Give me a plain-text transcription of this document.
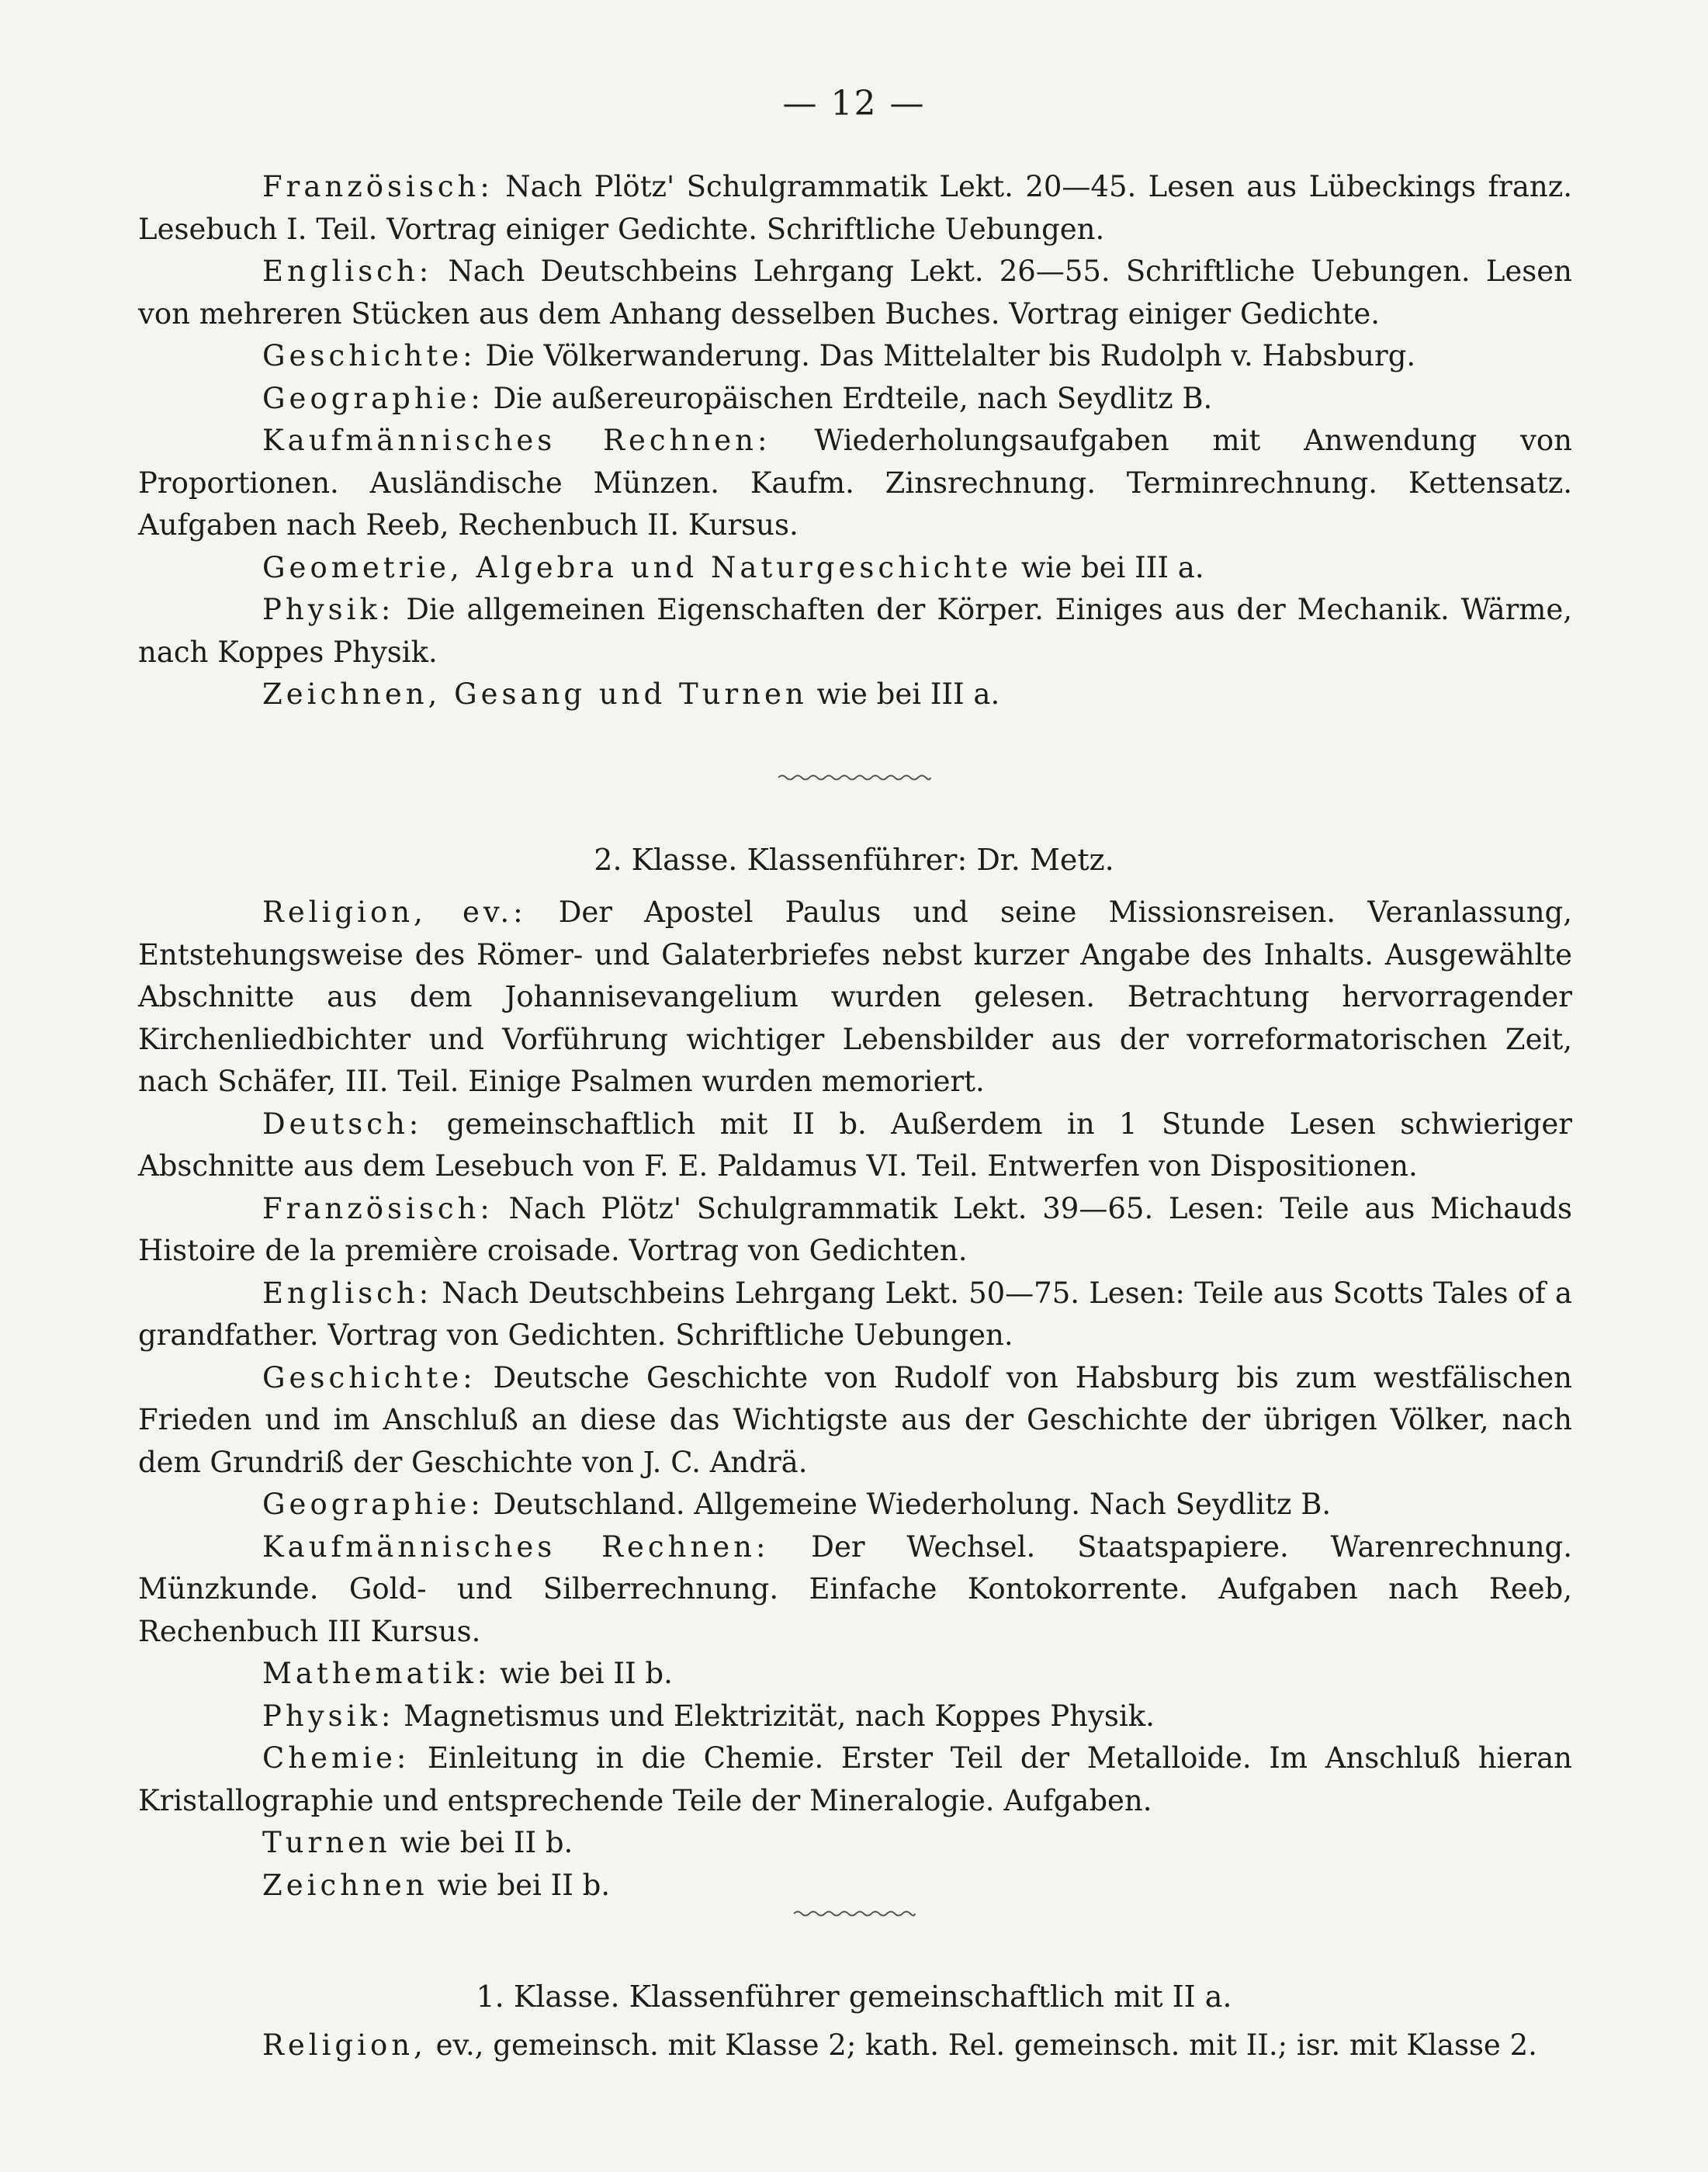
— 12 —

Französisch: Nach Plötz' Schulgrammatik Lekt. 20—45. Lesen aus Lübeckings franz. Lesebuch I. Teil. Vortrag einiger Gedichte. Schriftliche Uebungen.

Englisch: Nach Deutschbeins Lehrgang Lekt. 26—55. Schriftliche Uebungen. Lesen von mehreren Stücken aus dem Anhang desselben Buches. Vortrag einiger Gedichte.

Geschichte: Die Völkerwanderung. Das Mittelalter bis Rudolph v. Habsburg.

Geographie: Die außereuropäischen Erdteile, nach Seydlitz B.

Kaufmännisches Rechnen: Wiederholungsaufgaben mit Anwendung von Proportionen. Ausländische Münzen. Kaufm. Zinsrechnung. Terminrechnung. Kettensatz. Aufgaben nach Reeb, Rechenbuch II. Kursus.

Geometrie, Algebra und Naturgeschichte wie bei III a.

Physik: Die allgemeinen Eigenschaften der Körper. Einiges aus der Mechanik. Wärme, nach Koppes Physik.

Zeichnen, Gesang und Turnen wie bei III a.

2. Klasse. Klassenführer: Dr. Metz.

Religion, ev.: Der Apostel Paulus und seine Missionsreisen. Veranlassung, Entstehungsweise des Römer- und Galaterbriefes nebst kurzer Angabe des Inhalts. Ausgewählte Abschnitte aus dem Johannisevangelium wurden gelesen. Betrachtung hervorragender Kirchenliedbichter und Vorführung wichtiger Lebensbilder aus der vorreformatorischen Zeit, nach Schäfer, III. Teil. Einige Psalmen wurden memoriert.

Deutsch: gemeinschaftlich mit II b. Außerdem in 1 Stunde Lesen schwieriger Abschnitte aus dem Lesebuch von F. E. Paldamus VI. Teil. Entwerfen von Dispositionen.

Französisch: Nach Plötz' Schulgrammatik Lekt. 39—65. Lesen: Teile aus Michauds Histoire de la première croisade. Vortrag von Gedichten.

Englisch: Nach Deutschbeins Lehrgang Lekt. 50—75. Lesen: Teile aus Scotts Tales of a grandfather. Vortrag von Gedichten. Schriftliche Uebungen.

Geschichte: Deutsche Geschichte von Rudolf von Habsburg bis zum westfälischen Frieden und im Anschluß an diese das Wichtigste aus der Geschichte der übrigen Völker, nach dem Grundriß der Geschichte von J. C. Andrä.

Geographie: Deutschland. Allgemeine Wiederholung. Nach Seydlitz B.

Kaufmännisches Rechnen: Der Wechsel. Staatspapiere. Warenrechnung. Münzkunde. Gold- und Silberrechnung. Einfache Kontokorrente. Aufgaben nach Reeb, Rechenbuch III Kursus.

Mathematik: wie bei II b.

Physik: Magnetismus und Elektrizität, nach Koppes Physik.

Chemie: Einleitung in die Chemie. Erster Teil der Metalloide. Im Anschluß hieran Kristallographie und entsprechende Teile der Mineralogie. Aufgaben.

Turnen wie bei II b.

Zeichnen wie bei II b.

1. Klasse. Klassenführer gemeinschaftlich mit II a.

Religion, ev., gemeinsch. mit Klasse 2; kath. Rel. gemeinsch. mit II.; isr. mit Klasse 2.
